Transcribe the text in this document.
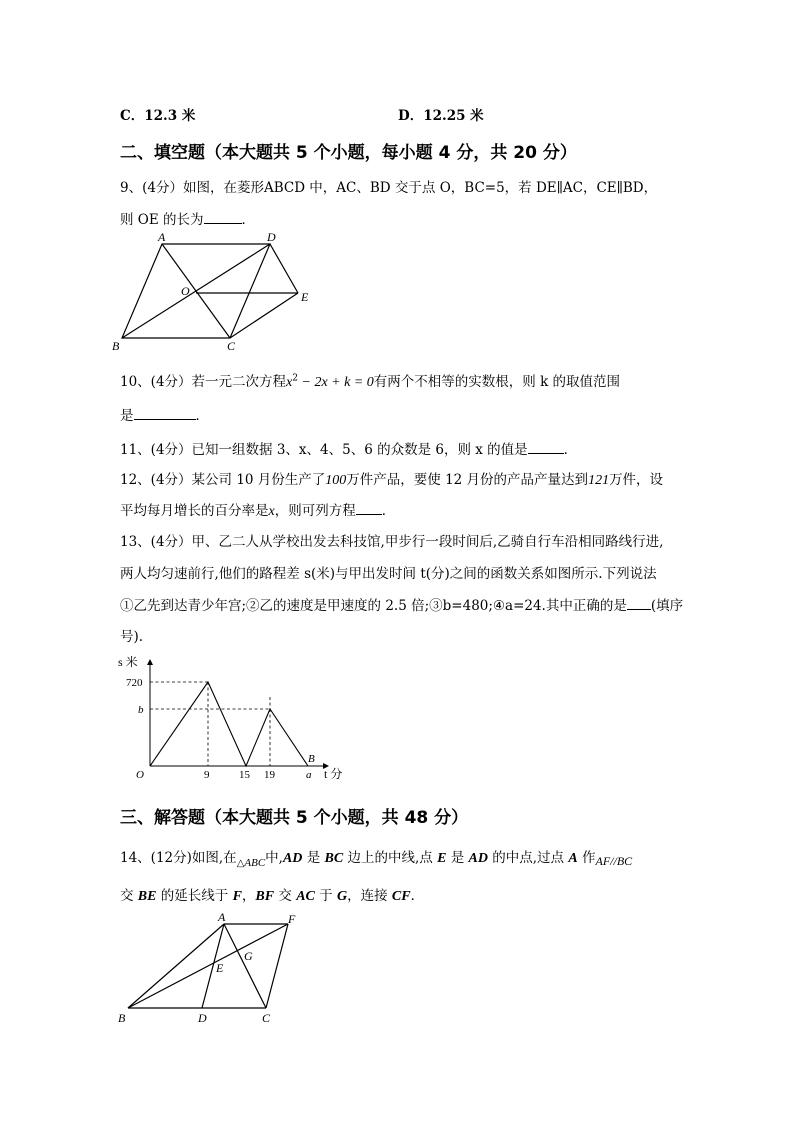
C．12.3 米	D．12.25 米
二、填空题（本大题共 5 个小题，每小题 4 分，共 20 分）
9、(4分）如图，在菱形ABCD 中，AC、BD 交于点 O，BC=5，若 DE∥AC，CE∥BD，
则 OE 的长为	．
A	D
O	E
B	C
10、(4分）若一元二次方程$x^2 - 2x + k = 0$有两个不相等的实数根，则 k 的取值范围
是	．
11、(4分）已知一组数据 3、x、4、5、6 的众数是 6，则 x 的值是	．
12、(4分）某公司 10 月份生产了100万件产品，要使 12 月份的产品产量达到121万件，设
平均每月增长的百分率是x，则可列方程 ．
13、(4分）甲、乙二人从学校出发去科技馆,甲步行一段时间后,乙骑自行车沿相同路线行进,
两人均匀速前行,他们的路程差 s(米)与甲出发时间 t(分)之间的函数关系如图所示.下列说法
①乙先到达青少年宫;②乙的速度是甲速度的 2.5 倍;③b=480;④a=24.其中正确的是 (填序
号).
s 米
720
b
O	9	15 19	a
B
t 分
三、解答题（本大题共 5 个小题，共 48 分）
14、(12分)如图,在$_{\triangle ABC}$中,AD 是 BC 边上的中线,点 E 是 AD 的中点,过点 A 作AF//BC
交 BE 的延长线于 F，BF 交 AC 于 G，连接 CF．
A	F
G
E
B	D	C
